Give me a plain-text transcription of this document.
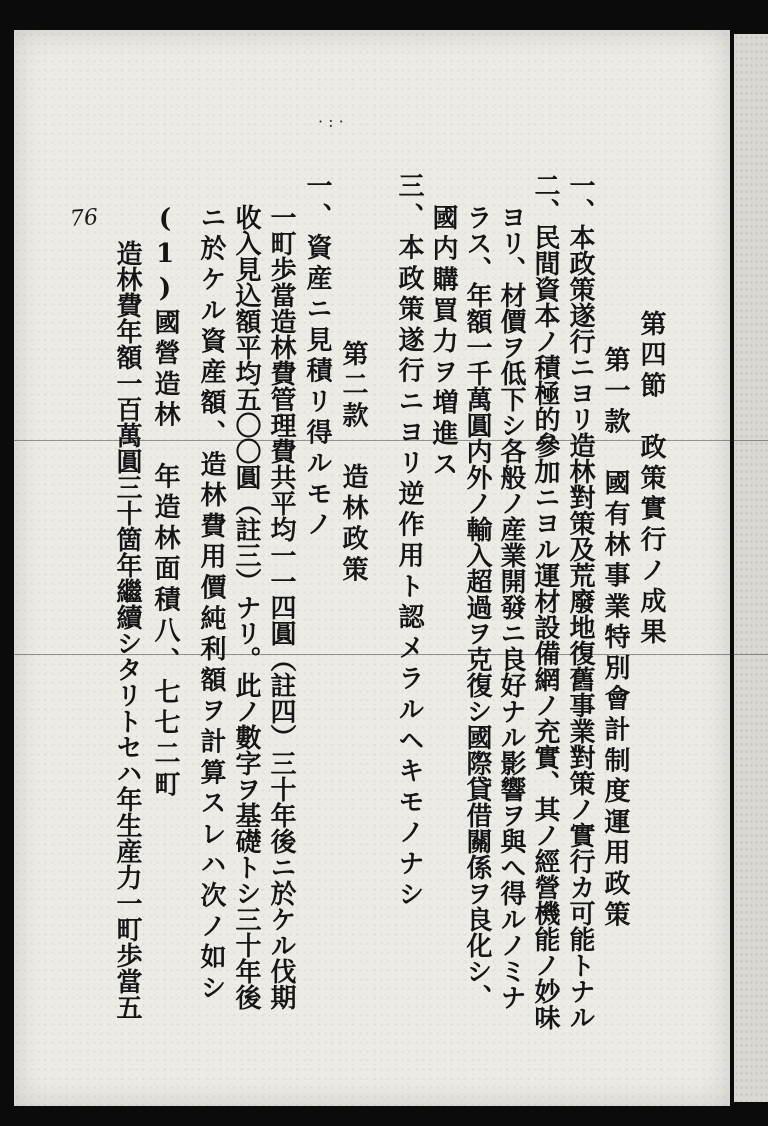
· : ·
76	一、本政策遂行ニヨリ造林對策及荒廢地復舊事業對策ノ實行カ可能トナル
二、民間資本ノ積極的參加ニヨル運材設備網ノ充實、其ノ經營機能ノ妙味
ヨリ、材價ヲ低下シ各般ノ産業開發ニ良好ナル影響ヲ與へ得ルノミナ
ラス、年額一千萬圓内外ノ輸入超過ヲ克復シ國際貸借關係ヲ良化シ、
國内購買力ヲ増進ス
三、本政策遂行ニヨリ逆作用ト認メラルヘキモノナシ	第四節　政策實行ノ成果
第一款　國有林事業特別會計制度運用政策
第二款　造林政策
一、資産ニ見積リ得ルモノ
一町歩當造林費管理費共平均一一四圓（註四）三十年後ニ於ケル伐期
收入見込額平均五〇〇圓（註三）ナリ。此ノ數字ヲ基礎トシ三十年後
ニ於ケル資産額、造林費用價純利額ヲ計算スレハ次ノ如シ
(1)國營造林　年造林面積八、七七二町
造林費年額一百萬圓三十箇年繼續シタリトセハ年生産力一町歩當五
